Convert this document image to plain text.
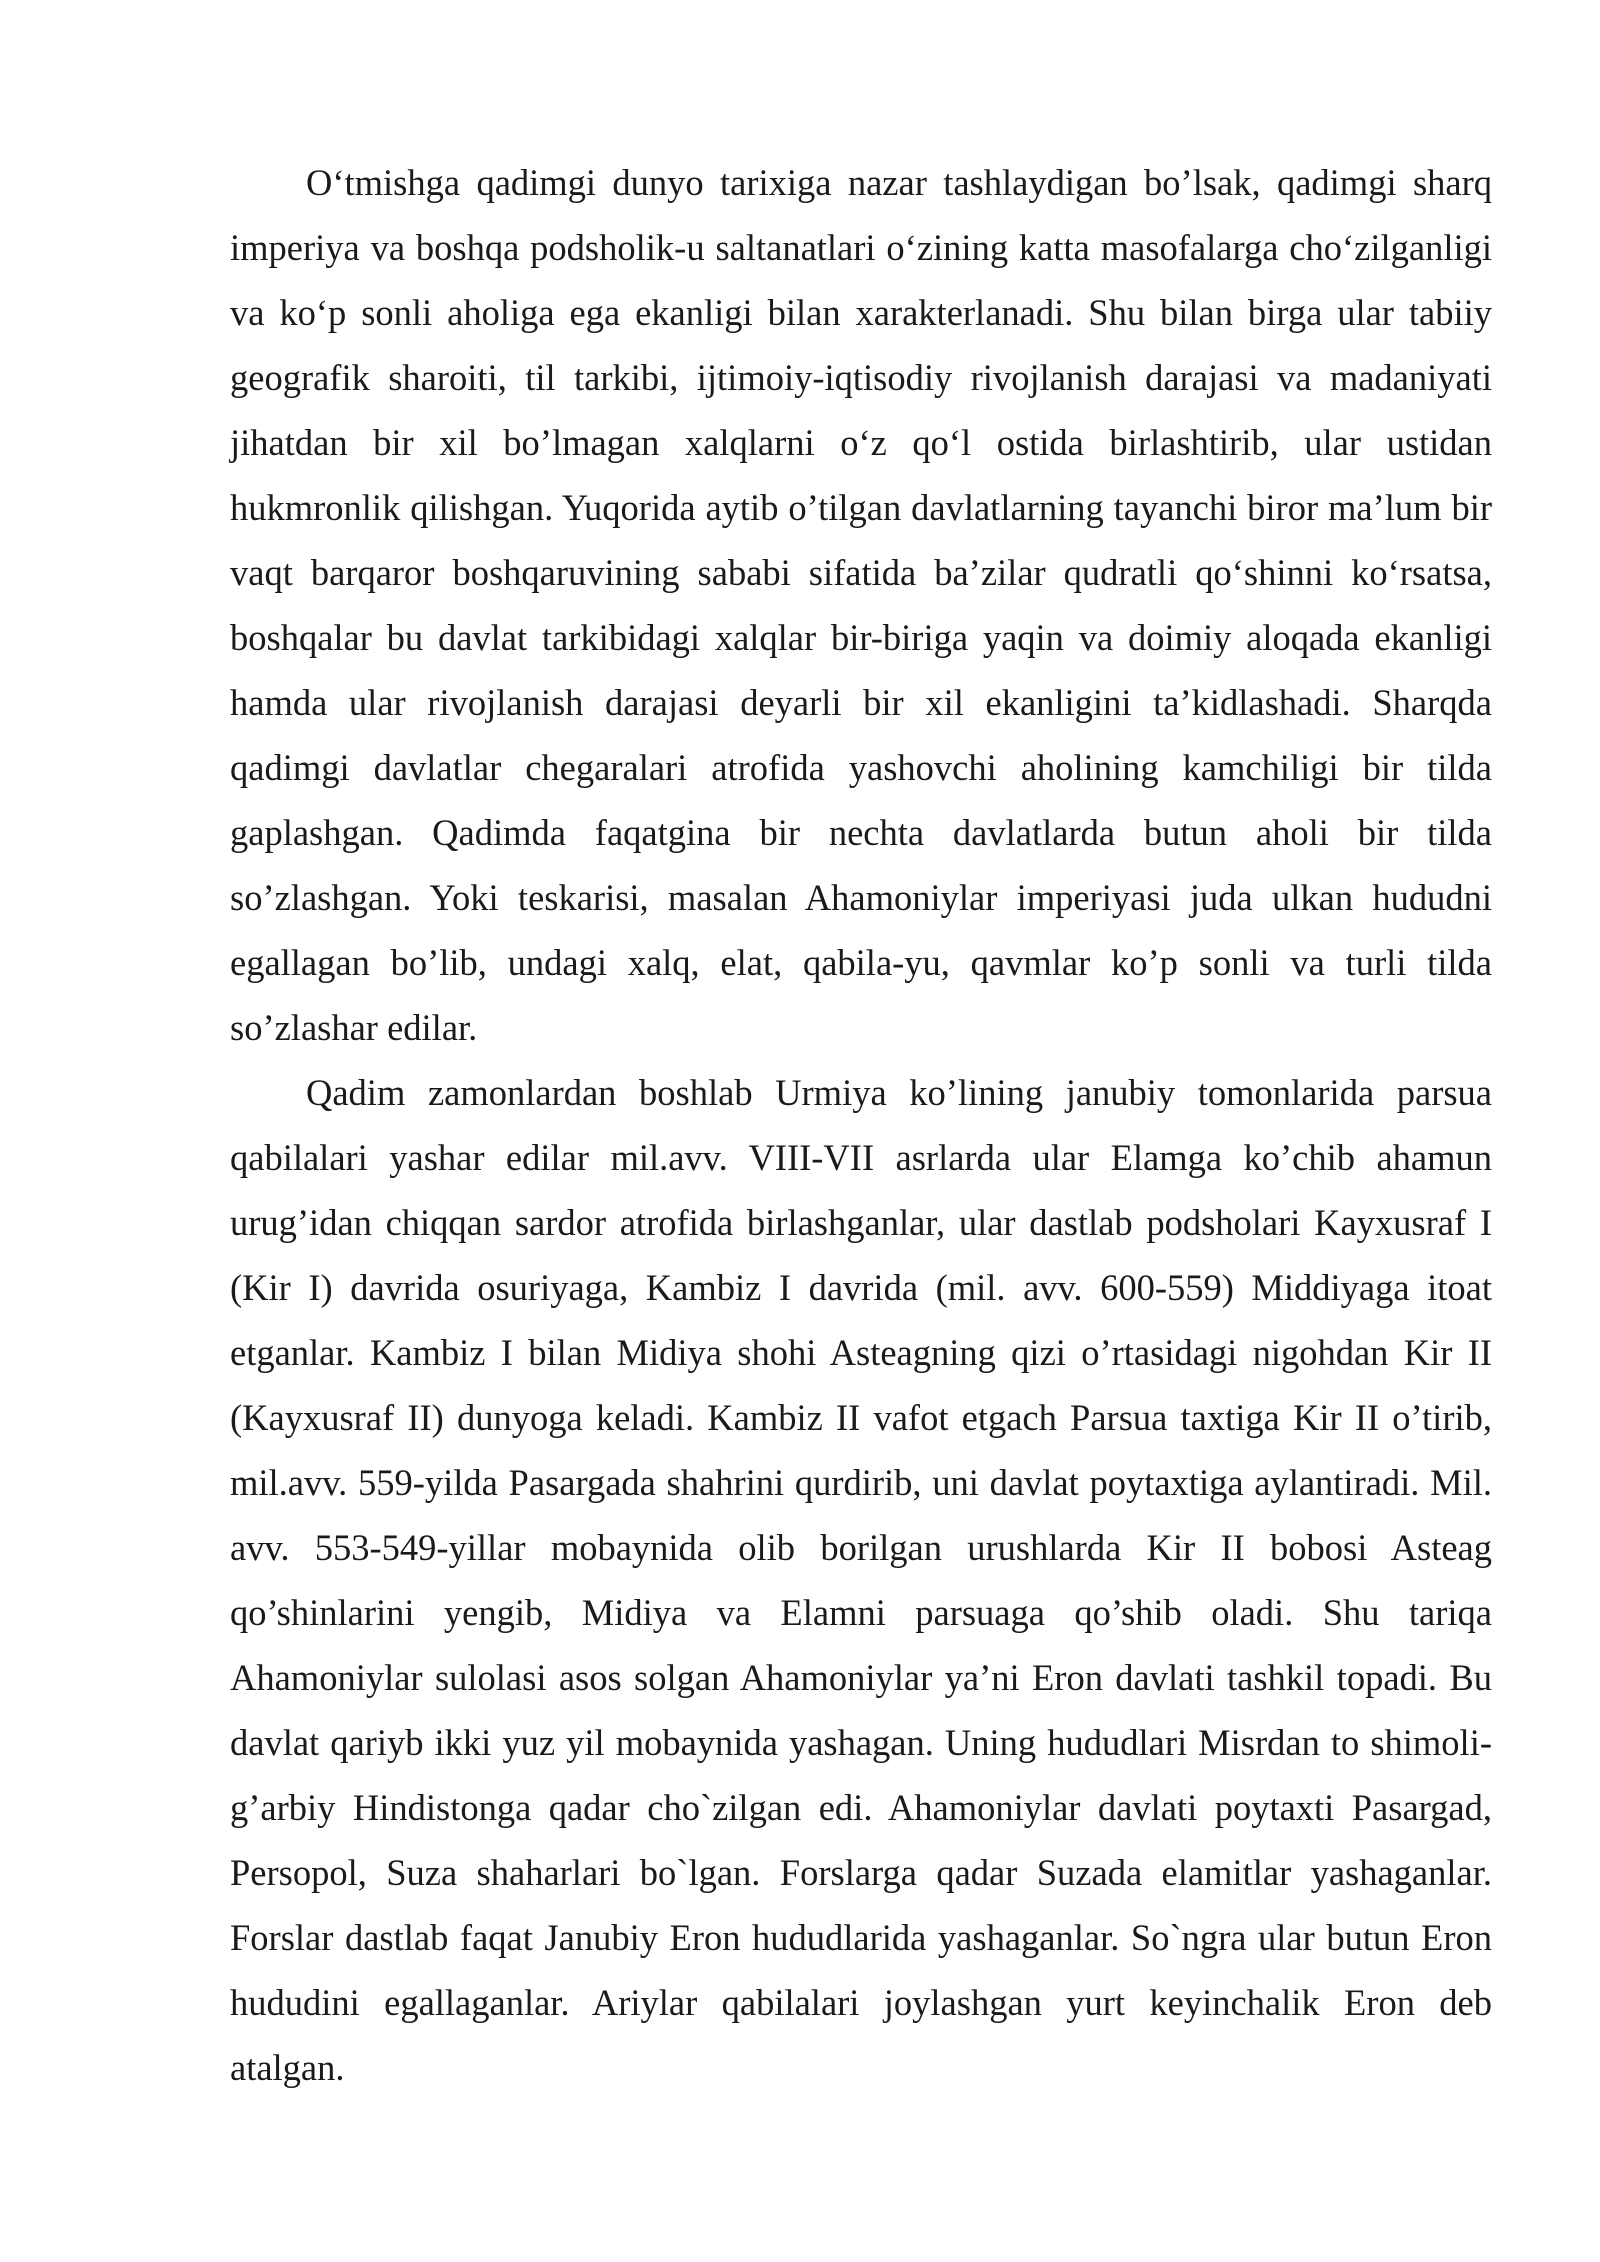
O‘tmishga qadimgi dunyo tarixiga nazar tashlaydigan bo’lsak, qadimgi sharq imperiya va boshqa podsholik-u saltanatlari o‘zining katta masofalarga cho‘zilganligi va ko‘p sonli aholiga ega ekanligi bilan xarakterlanadi. Shu bilan birga ular tabiiy geografik sharoiti, til tarkibi, ijtimoiy-iqtisodiy rivojlanish darajasi va madaniyati jihatdan bir xil bo’lmagan xalqlarni o‘z qo‘l ostida birlashtirib, ular ustidan hukmronlik qilishgan. Yuqorida aytib o’tilgan davlatlarning tayanchi biror ma’lum bir vaqt barqaror boshqaruvining sababi sifatida ba’zilar qudratli qo‘shinni ko‘rsatsa, boshqalar bu davlat tarkibidagi xalqlar bir-biriga yaqin va doimiy aloqada ekanligi hamda ular rivojlanish darajasi deyarli bir xil ekanligini ta’kidlashadi. Sharqda qadimgi davlatlar chegaralari atrofida yashovchi aholining kamchiligi bir tilda gaplashgan. Qadimda faqatgina bir nechta davlatlarda butun aholi bir tilda so’zlashgan. Yoki teskarisi, masalan Ahamoniylar imperiyasi juda ulkan hududni egallagan bo’lib, undagi xalq, elat, qabila-yu, qavmlar ko’p sonli va turli tilda so’zlashar edilar.

Qadim zamonlardan boshlab Urmiya ko’lining janubiy tomonlarida parsua qabilalari yashar edilar mil.avv. VIII-VII asrlarda ular Elamga ko’chib ahamun urug’idan chiqqan sardor atrofida birlashganlar, ular dastlab podsholari Kayxusraf I (Kir I) davrida osuriyaga, Kambiz I davrida (mil. avv. 600-559) Middiyaga itoat etganlar. Kambiz I bilan Midiya shohi Asteagning qizi o’rtasidagi nigohdan Kir II (Kayxusraf II) dunyoga keladi. Kambiz II vafot etgach Parsua taxtiga Kir II o’tirib, mil.avv. 559-yilda Pasargada shahrini qurdirib, uni davlat poytaxtiga aylantiradi. Mil. avv. 553-549-yillar mobaynida olib borilgan urushlarda Kir II bobosi Asteag qo’shinlarini yengib, Midiya va Elamni parsuaga qo’shib oladi. Shu tariqa Ahamoniylar sulolasi asos solgan Ahamoniylar ya’ni Eron davlati tashkil topadi. Bu davlat qariyb ikki yuz yil mobaynida yashagan. Uning hududlari Misrdan to shimoli-g’arbiy Hindistonga qadar cho`zilgan edi. Ahamoniylar davlati poytaxti Pasargad, Persopol, Suza shaharlari bo`lgan. Forslarga qadar Suzada elamitlar yashaganlar. Forslar dastlab faqat Janubiy Eron hududlarida yashaganlar. So`ngra ular butun Eron hududini egallaganlar. Ariylar qabilalari joylashgan yurt keyinchalik Eron deb atalgan.
